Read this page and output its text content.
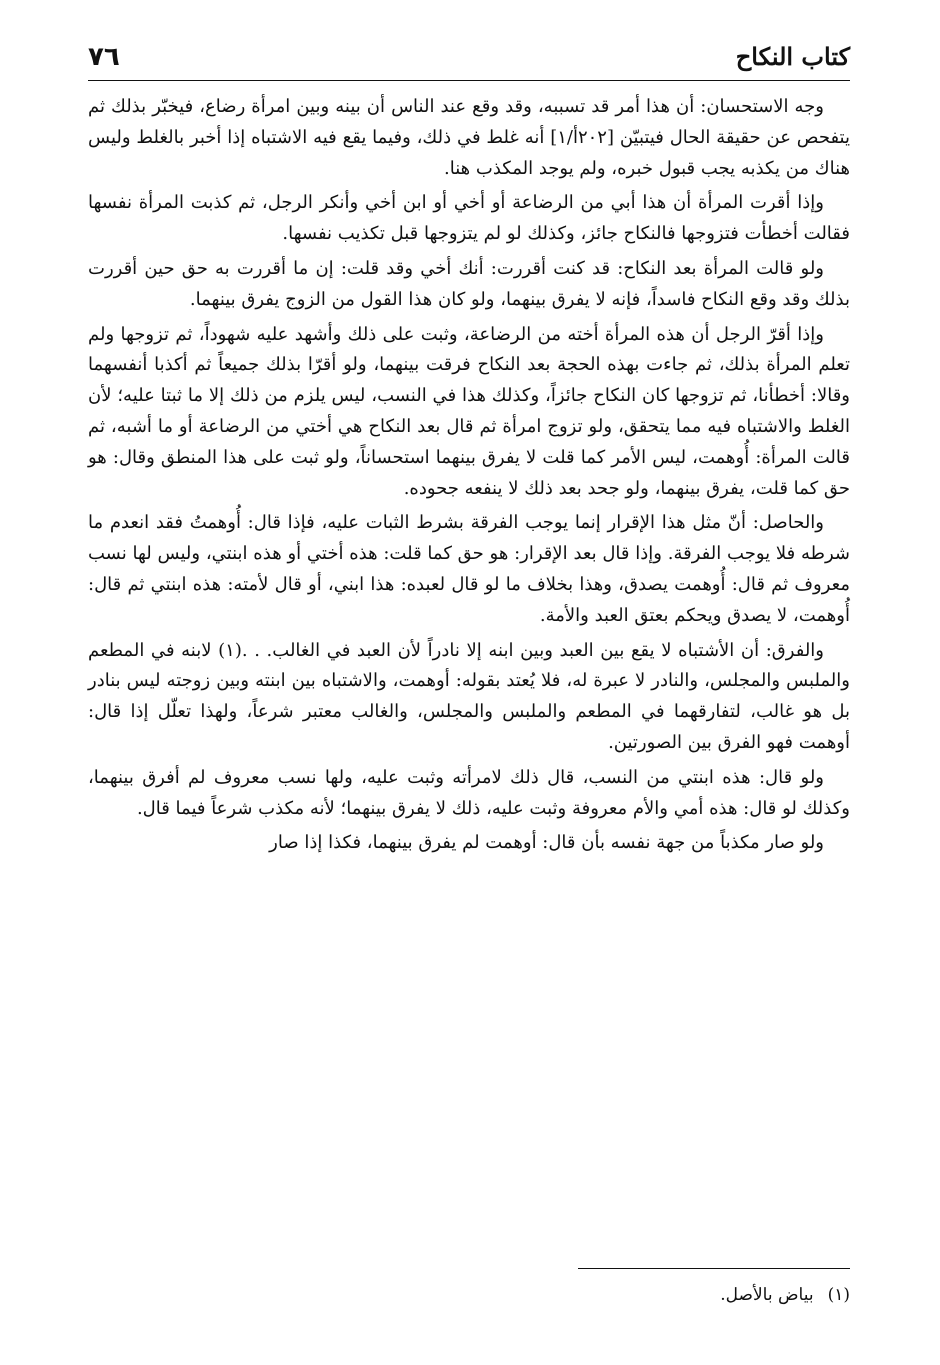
٧٦	كتاب النكاح

وجه الاستحسان: أن هذا أمر قد تسببه، وقد وقع عند الناس أن بينه وبين امرأة رضاع، فيخبّر بذلك ثم يتفحص عن حقيقة الحال فيتبيّن [٢٠٢أ/١] أنه غلط في ذلك، وفيما يقع فيه الاشتباه إذا أخبر بالغلط وليس هناك من يكذبه يجب قبول خبره، ولم يوجد المكذب هنا.

وإذا أقرت المرأة أن هذا أبي من الرضاعة أو أخي أو ابن أخي وأنكر الرجل، ثم كذبت المرأة نفسها فقالت أخطأت فتزوجها فالنكاح جائز، وكذلك لو لم يتزوجها قبل تكذيب نفسها.

ولو قالت المرأة بعد النكاح: قد كنت أقررت: أنك أخي وقد قلت: إن ما أقررت به حق حين أقررت بذلك وقد وقع النكاح فاسداً، فإنه لا يفرق بينهما، ولو كان هذا القول من الزوج يفرق بينهما.

وإذا أقرّ الرجل أن هذه المرأة أخته من الرضاعة، وثبت على ذلك وأشهد عليه شهوداً، ثم تزوجها ولم تعلم المرأة بذلك، ثم جاءت بهذه الحجة بعد النكاح فرقت بينهما، ولو أقرّا بذلك جميعاً ثم أكذبا أنفسهما وقالا: أخطأنا، ثم تزوجها كان النكاح جائزاً، وكذلك هذا في النسب، ليس يلزم من ذلك إلا ما ثبتا عليه؛ لأن الغلط والاشتباه فيه مما يتحقق، ولو تزوج امرأة ثم قال بعد النكاح هي أختي من الرضاعة أو ما أشبه، ثم قالت المرأة: أُوهمت، ليس الأمر كما قلت لا يفرق بينهما استحساناً، ولو ثبت على هذا المنطق وقال: هو حق كما قلت، يفرق بينهما، ولو جحد بعد ذلك لا ينفعه جحوده.

والحاصل: أنّ مثل هذا الإقرار إنما يوجب الفرقة بشرط الثبات عليه، فإذا قال: أُوهمتُ فقد انعدم ما شرطه فلا يوجب الفرقة. وإذا قال بعد الإقرار: هو حق كما قلت: هذه أختي أو هذه ابنتي، وليس لها نسب معروف ثم قال: أُوهمت يصدق، وهذا بخلاف ما لو قال لعبده: هذا ابني، أو قال لأمته: هذه ابنتي ثم قال: أُوهمت، لا يصدق ويحكم بعتق العبد والأمة.

والفرق: أن الأشتباه لا يقع بين العبد وبين ابنه إلا نادراً لأن العبد في الغالب. . .(١) لابنه في المطعم والملبس والمجلس، والنادر لا عبرة له، فلا يُعتد بقوله: أوهمت، والاشتباه بين ابنته وبين زوجته ليس بنادر بل هو غالب، لتفارقهما في المطعم والملبس والمجلس، والغالب معتبر شرعاً، ولهذا تعلّل إذا قال: أوهمت فهو الفرق بين الصورتين.

ولو قال: هذه ابنتي من النسب، قال ذلك لامرأته وثبت عليه، ولها نسب معروف لم أفرق بينهما، وكذلك لو قال: هذه أمي والأم معروفة وثبت عليه، ذلك لا يفرق بينهما؛ لأنه مكذب شرعاً فيما قال.

ولو صار مكذباً من جهة نفسه بأن قال: أوهمت لم يفرق بينهما، فكذا إذا صار

(١)بياض بالأصل.
